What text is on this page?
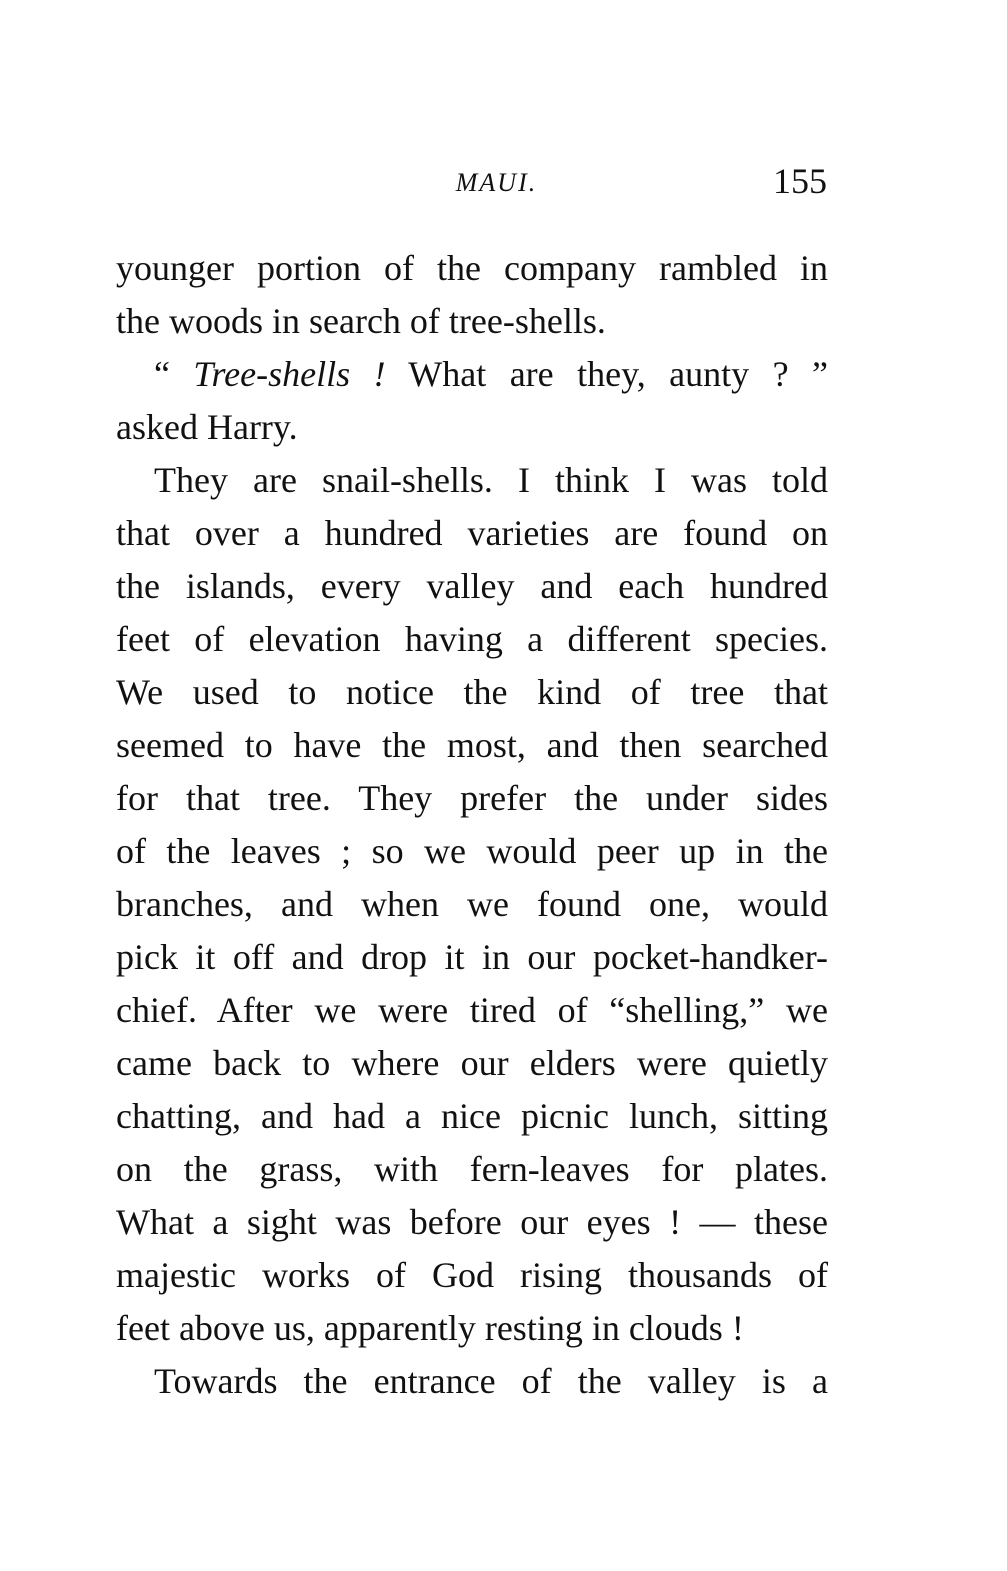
MAUI.	155
younger portion of the company rambled in
the woods in search of tree-shells.
“ Tree-shells ! What are they, aunty ? ”
asked Harry.
They are snail-shells. I think I was told
that over a hundred varieties are found on
the islands, every valley and each hundred
feet of elevation having a different species.
We used to notice the kind of tree that
seemed to have the most, and then searched
for that tree. They prefer the under sides
of the leaves ; so we would peer up in the
branches, and when we found one, would
pick it off and drop it in our pocket-handker-
chief. After we were tired of “shelling,” we
came back to where our elders were quietly
chatting, and had a nice picnic lunch, sitting
on the grass, with fern-leaves for plates.
What a sight was before our eyes ! — these
majestic works of God rising thousands of
feet above us, apparently resting in clouds !
Towards the entrance of the valley is a
